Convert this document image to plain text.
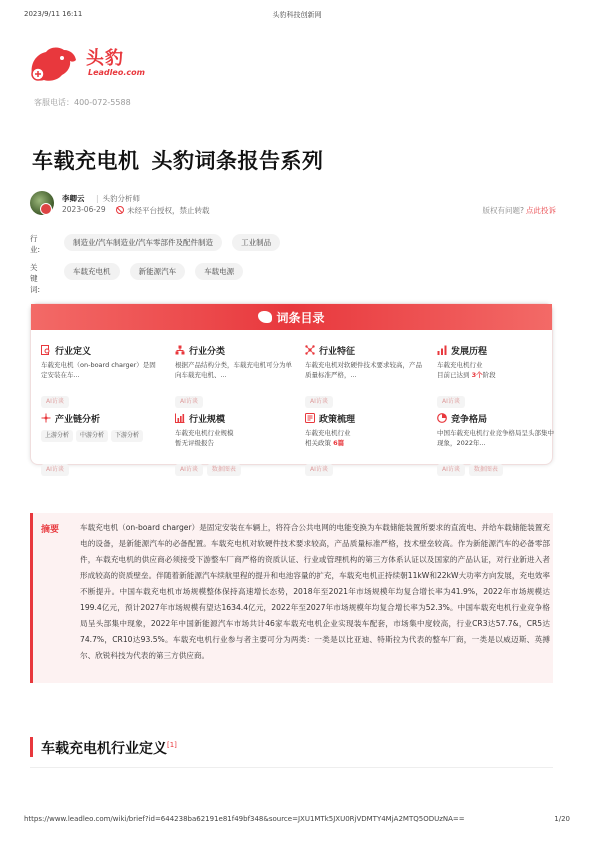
2023/9/11 16:11	头豹科技创新网
头豹
Leadleo.com
客服电话：400-072-5588
车载充电机 头豹词条报告系列
李卿云
|	头豹分析师
2023-06-29	未经平台授权，禁止转载	版权有问题? 点此投诉
行业:
制造业/汽车制造业/汽车零部件及配件制造	工业制品
关键词:
车载充电机	新能源汽车	车载电源
词条目录
行业定义
车载充电机（on-board charger）是固定安装在车...
AI访谈
行业分类
根据产品结构分类，车载充电机可分为单向车载充电机、...
AI访谈
行业特征
车载充电机对软硬件技术要求较高，产品质量标准严格，...
AI访谈
发展历程
车载充电机行业
目前已达到 3个阶段
AI访谈
产业链分析
上游分析 中游分析 下游分析
AI访谈
行业规模
车载充电机行业规模
暂无评级报告
AI访谈 数据图表
政策梳理
车载充电机行业
相关政策 6篇
AI访谈
竞争格局
中国车载充电机行业竞争格局呈头部集中现象，2022年...
AI访谈 数据图表
摘要	车载充电机（on-board charger）是固定安装在车辆上，将符合公共电网的电能变换为车载储能装置所要求的直流电、并给车载储能装置充电的设备，是新能源汽车的必备配置。车载充电机对软硬件技术要求较高，产品质量标准严格，技术壁垒较高。作为新能源汽车的必备零部件，车载充电机的供应商必须接受下游整车厂商严格的资质认证、行业或管理机构的第三方体系认证以及国家的产品认证，对行业新进入者形成较高的资质壁垒。伴随着新能源汽车续航里程的提升和电池容量的扩充，车载充电机正持续朝11kW和22kW大功率方向发展，充电效率不断提升。中国车载充电机市场规模整体保持高速增长态势，2018年至2021年市场规模年均复合增长率为41.9%，2022年市场规模达199.4亿元，预计2027年市场规模有望达1634.4亿元，2022年至2027年市场规模年均复合增长率为52.3%。中国车载充电机行业竞争格局呈头部集中现象，2022年中国新能源汽车市场共计46家车载充电机企业实现装车配套，市场集中度较高，行业CR3达57.7&，CR5达74.7%，CR10达93.5%。车载充电机行业参与者主要可分为两类：一类是以比亚迪、特斯拉为代表的整车厂商，一类是以威迈斯、英搏尔、欣锐科技为代表的第三方供应商。

车载充电机行业定义[1]
https://www.leadleo.com/wiki/brief?id=644238ba62191e81f49bf348&source=JXU1MTk5JXU0RjVDMTY4MjA2MTQ5ODUzNA==	1/20
